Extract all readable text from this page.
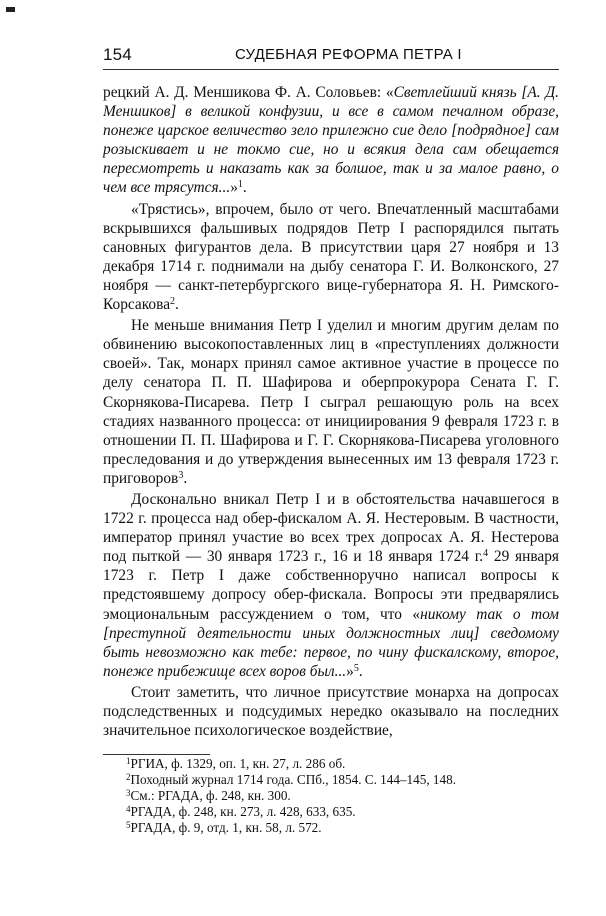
154	СУДЕБНАЯ РЕФОРМА ПЕТРА I

рецкий А. Д. Меншикова Ф. А. Соловьев: «Светлейший князь [А. Д. Меншиков] в великой конфузии, и все в самом печалном образе, понеже царское величество зело прилежно сие дело [подрядное] сам розыскивает и не токмо сие, но и всякия дела сам обещается пересмотреть и наказать как за болшое, так и за малое равно, о чем все трясутся...»$^1$.

«Трястись», впрочем, было от чего. Впечатленный масштабами вскрывшихся фальшивых подрядов Петр I распорядился пытать сановных фигурантов дела. В присутствии царя 27 ноября и 13 декабря 1714 г. поднимали на дыбу сенатора Г. И. Волконского, 27 ноября — санкт-петербургского вице-губернатора Я. Н. Римского-Корсакова$^2$.

Не меньше внимания Петр I уделил и многим другим делам по обвинению высокопоставленных лиц в «преступлениях должности своей». Так, монарх принял самое активное участие в процессе по делу сенатора П. П. Шафирова и оберпрокурора Сената Г. Г. Скорнякова-Писарева. Петр I сыграл решающую роль на всех стадиях названного процесса: от инициирования 9 февраля 1723 г. в отношении П. П. Шафирова и Г. Г. Скорнякова-Писарева уголовного преследования и до утверждения вынесенных им 13 февраля 1723 г. приговоров$^3$.

Досконально вникал Петр I и в обстоятельства начавшегося в 1722 г. процесса над обер-фискалом А. Я. Нестеровым. В частности, император принял участие во всех трех допросах А. Я. Нестерова под пыткой — 30 января 1723 г., 16 и 18 января 1724 г.$^4$ 29 января 1723 г. Петр I даже собственноручно написал вопросы к предстоявшему допросу обер-фискала. Вопросы эти предварялись эмоциональным рассуждением о том, что «никому так о том [преступной деятельности иных должностных лиц] сведомому быть невозможно как тебе: первое, по чину фискалскому, второе, понеже прибежище всех воров был...»$^5$.

Стоит заметить, что личное присутствие монарха на допросах подследственных и подсудимых нередко оказывало на последних значительное психологическое воздействие,

$^1$РГИА, ф. 1329, оп. 1, кн. 27, л. 286 об.
$^2$Походный журнал 1714 года. СПб., 1854. С. 144–145, 148.
$^3$См.: РГАДА, ф. 248, кн. 300.
$^4$РГАДА, ф. 248, кн. 273, л. 428, 633, 635.
$^5$РГАДА, ф. 9, отд. 1, кн. 58, л. 572.
